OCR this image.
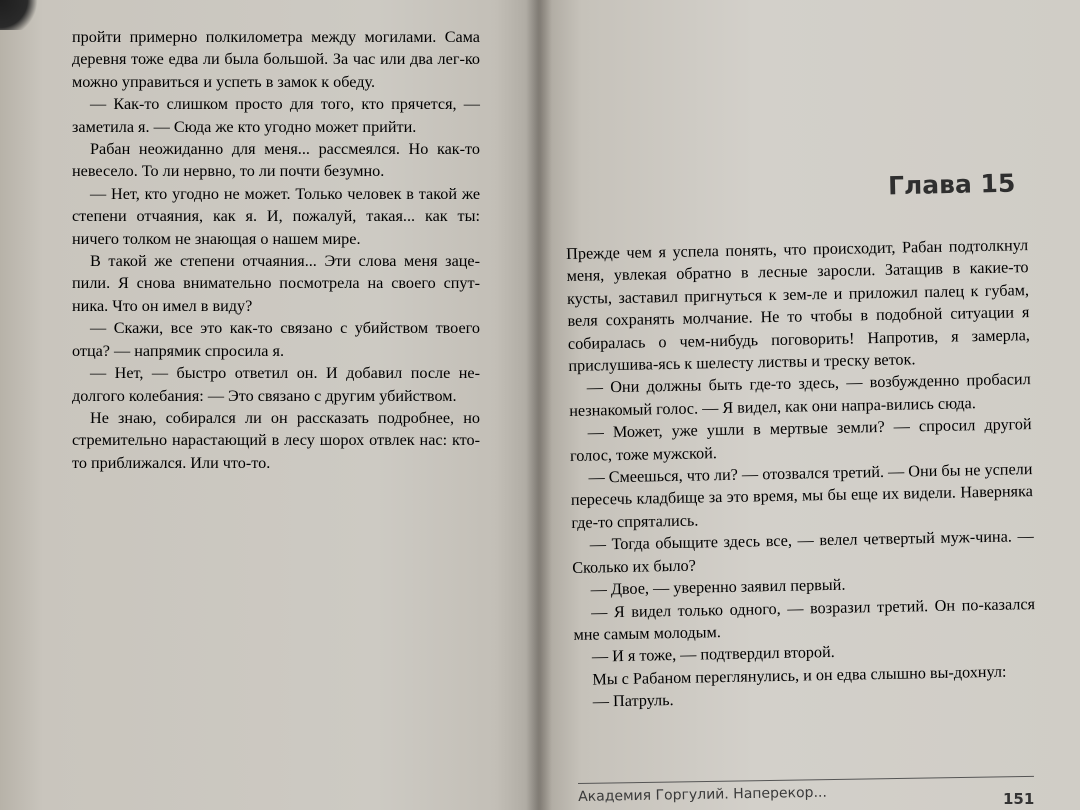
пройти примерно полкилометра между могилами. Сама деревня тоже едва ли была большой. За час или два лег-ко можно управиться и успеть в замок к обеду.

— Как-то слишком просто для того, кто прячется, — заметила я. — Сюда же кто угодно может прийти.

Рабан неожиданно для меня... рассмеялся. Но как-то невесело. То ли нервно, то ли почти безумно.

— Нет, кто угодно не может. Только человек в такой же степени отчаяния, как я. И, пожалуй, такая... как ты: ничего толком не знающая о нашем мире.

В такой же степени отчаяния... Эти слова меня заце-пили. Я снова внимательно посмотрела на своего спут-ника. Что он имел в виду?

— Скажи, все это как-то связано с убийством твоего отца? — напрямик спросила я.

— Нет, — быстро ответил он. И добавил после не-долгого колебания: — Это связано с другим убийством.

Не знаю, собирался ли он рассказать подробнее, но стремительно нарастающий в лесу шорох отвлек нас: кто-то приближался. Или что-то.

Глава 15

Прежде чем я успела понять, что происходит, Рабан подтолкнул меня, увлекая обратно в лесные заросли. Затащив в какие-то кусты, заставил пригнуться к зем-ле и приложил палец к губам, веля сохранять молчание. Не то чтобы в подобной ситуации я собиралась о чем-нибудь поговорить! Напротив, я замерла, прислушива-ясь к шелесту листвы и треску веток.

— Они должны быть где-то здесь, — возбужденно пробасил незнакомый голос. — Я видел, как они напра-вились сюда.

— Может, уже ушли в мертвые земли? — спросил другой голос, тоже мужской.

— Смеешься, что ли? — отозвался третий. — Они бы не успели пересечь кладбище за это время, мы бы еще их видели. Наверняка где-то спрятались.

— Тогда обыщите здесь все, — велел четвертый муж-чина. — Сколько их было?

— Двое, — уверенно заявил первый.

— Я видел только одного, — возразил третий. Он по-казался мне самым молодым.

— И я тоже, — подтвердил второй.

Мы с Рабаном переглянулись, и он едва слышно вы-дохнул:

— Патруль.

Академия Горгулий. Наперекор...	151
